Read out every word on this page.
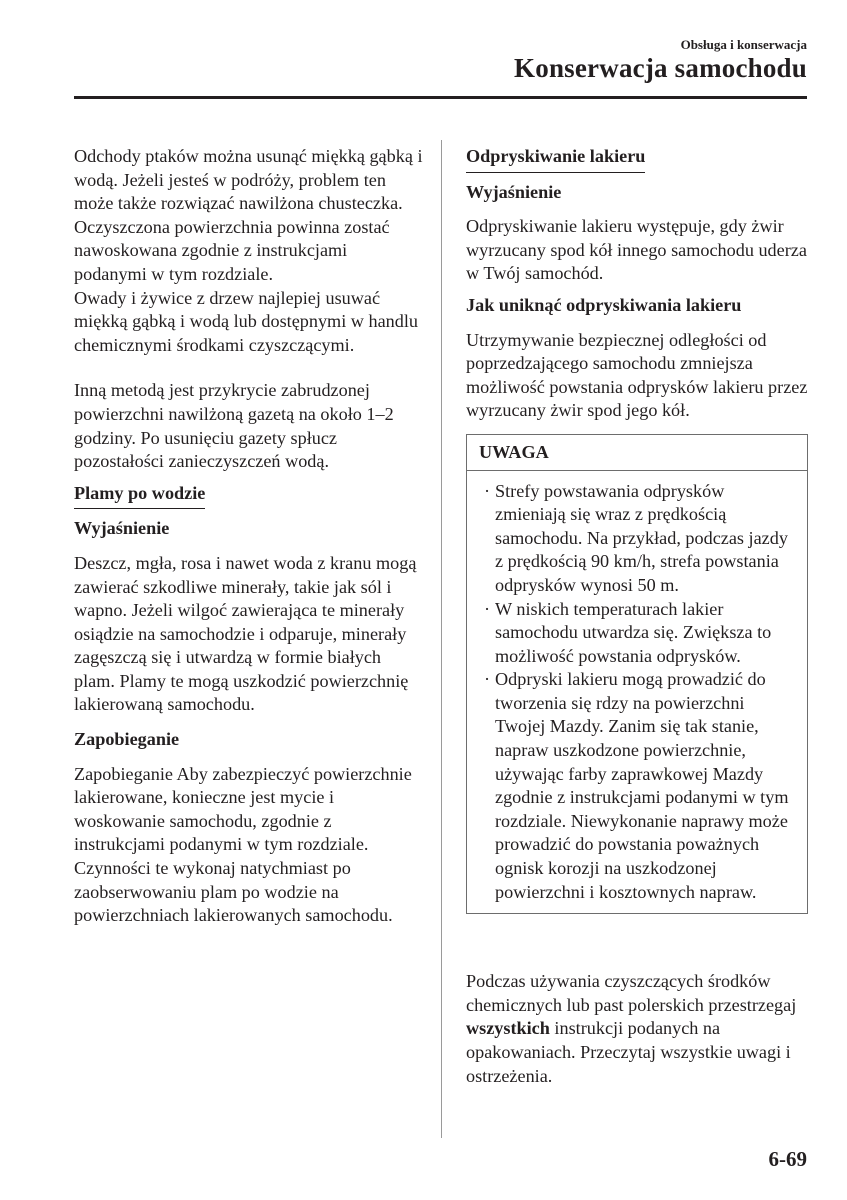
Obsługa i konserwacja
Konserwacja samochodu

Odchody ptaków można usunąć miękką gąbką i wodą. Jeżeli jesteś w podróży, problem ten może także rozwiązać nawilżona chusteczka. Oczyszczona powierzchnia powinna zostać nawoskowana zgodnie z instrukcjami podanymi w tym rozdziale.

Owady i żywice z drzew najlepiej usuwać miękką gąbką i wodą lub dostępnymi w handlu chemicznymi środkami czyszczącymi.

Inną metodą jest przykrycie zabrudzonej powierzchni nawilżoną gazetą na około 1–2 godziny. Po usunięciu gazety spłucz pozostałości zanieczyszczeń wodą.

Plamy po wodzie

Wyjaśnienie

Deszcz, mgła, rosa i nawet woda z kranu mogą zawierać szkodliwe minerały, takie jak sól i wapno. Jeżeli wilgoć zawierająca te minerały osiądzie na samochodzie i odparuje, minerały zagęszczą się i utwardzą w formie białych plam. Plamy te mogą uszkodzić powierzchnię lakierowaną samochodu.

Zapobieganie

Zapobieganie Aby zabezpieczyć powierzchnie lakierowane, konieczne jest mycie i woskowanie samochodu, zgodnie z instrukcjami podanymi w tym rozdziale. Czynności te wykonaj natychmiast po zaobserwowaniu plam po wodzie na powierzchniach lakierowanych samochodu.

Odpryskiwanie lakieru

Wyjaśnienie

Odpryskiwanie lakieru występuje, gdy żwir wyrzucany spod kół innego samochodu uderza w Twój samochód.

Jak uniknąć odpryskiwania lakieru

Utrzymywanie bezpiecznej odległości od poprzedzającego samochodu zmniejsza możliwość powstania odprysków lakieru przez wyrzucany żwir spod jego kół.

UWAGA
· Strefy powstawania odprysków zmieniają się wraz z prędkością samochodu. Na przykład, podczas jazdy z prędkością 90 km/h, strefa powstania odprysków wynosi 50 m.
· W niskich temperaturach lakier samochodu utwardza się. Zwiększa to możliwość powstania odprysków.
· Odpryski lakieru mogą prowadzić do tworzenia się rdzy na powierzchni Twojej Mazdy. Zanim się tak stanie, napraw uszkodzone powierzchnie, używając farby zaprawkowej Mazdy zgodnie z instrukcjami podanymi w tym rozdziale. Niewykonanie naprawy może prowadzić do powstania poważnych ognisk korozji na uszkodzonej powierzchni i kosztownych napraw.

Podczas używania czyszczących środków chemicznych lub past polerskich przestrzegaj wszystkich instrukcji podanych na opakowaniach. Przeczytaj wszystkie uwagi i ostrzeżenia.

6-69
